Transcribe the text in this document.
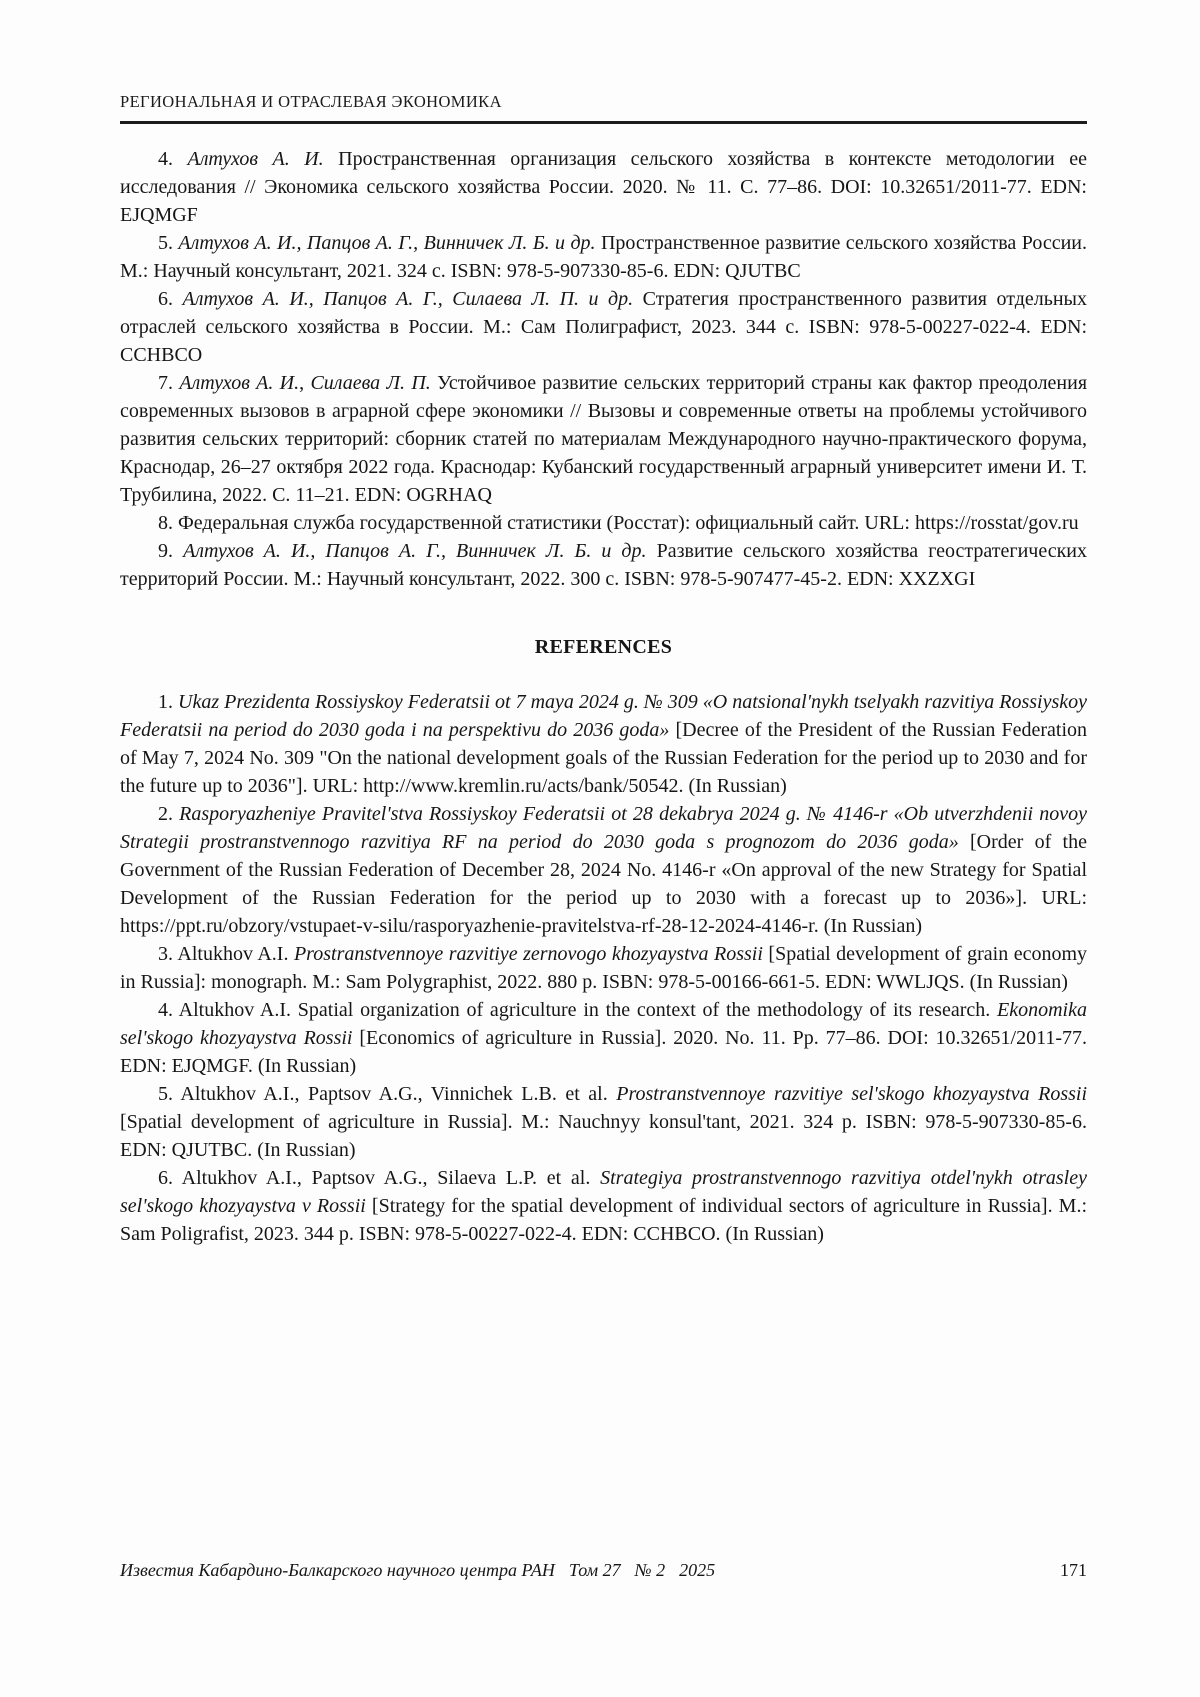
РЕГИОНАЛЬНАЯ И ОТРАСЛЕВАЯ ЭКОНОМИКА

4. Алтухов А. И. Пространственная организация сельского хозяйства в контексте методологии ее исследования // Экономика сельского хозяйства России. 2020. № 11. С. 77–86. DOI: 10.32651/2011-77. EDN: EJQMGF

5. Алтухов А. И., Папцов А. Г., Винничек Л. Б. и др. Пространственное развитие сельского хозяйства России. М.: Научный консультант, 2021. 324 с. ISBN: 978-5-907330-85-6. EDN: QJUTBC

6. Алтухов А. И., Папцов А. Г., Силаева Л. П. и др. Стратегия пространственного развития отдельных отраслей сельского хозяйства в России. М.: Сам Полиграфист, 2023. 344 с. ISBN: 978-5-00227-022-4. EDN: CCHBCO

7. Алтухов А. И., Силаева Л. П. Устойчивое развитие сельских территорий страны как фактор преодоления современных вызовов в аграрной сфере экономики // Вызовы и современные ответы на проблемы устойчивого развития сельских территорий: сборник статей по материалам Международного научно-практического форума, Краснодар, 26–27 октября 2022 года. Краснодар: Кубанский государственный аграрный университет имени И. Т. Трубилина, 2022. С. 11–21. EDN: OGRHAQ

8. Федеральная служба государственной статистики (Росстат): официальный сайт. URL: https://rosstat/gov.ru

9. Алтухов А. И., Папцов А. Г., Винничек Л. Б. и др. Развитие сельского хозяйства геостратегических территорий России. М.: Научный консультант, 2022. 300 с. ISBN: 978-5-907477-45-2. EDN: XXZXGI

REFERENCES

1. Ukaz Prezidenta Rossiyskoy Federatsii ot 7 maya 2024 g. № 309 «O natsional'nykh tselyakh razvitiya Rossiyskoy Federatsii na period do 2030 goda i na perspektivu do 2036 goda» [Decree of the President of the Russian Federation of May 7, 2024 No. 309 "On the national development goals of the Russian Federation for the period up to 2030 and for the future up to 2036"]. URL: http://www.kremlin.ru/acts/bank/50542. (In Russian)

2. Rasporyazheniye Pravitel'stva Rossiyskoy Federatsii ot 28 dekabrya 2024 g. № 4146-r «Ob utverzhdenii novoy Strategii prostranstvennogo razvitiya RF na period do 2030 goda s prognozom do 2036 goda» [Order of the Government of the Russian Federation of December 28, 2024 No. 4146-r «On approval of the new Strategy for Spatial Development of the Russian Federation for the period up to 2030 with a forecast up to 2036»]. URL: https://ppt.ru/obzory/vstupaet-v-silu/rasporyazhenie-pravitelstva-rf-28-12-2024-4146-r. (In Russian)

3. Altukhov A.I. Prostranstvennoye razvitiye zernovogo khozyaystva Rossii [Spatial development of grain economy in Russia]: monograph. M.: Sam Polygraphist, 2022. 880 p. ISBN: 978-5-00166-661-5. EDN: WWLJQS. (In Russian)

4. Altukhov A.I. Spatial organization of agriculture in the context of the methodology of its research. Ekonomika sel'skogo khozyaystva Rossii [Economics of agriculture in Russia]. 2020. No. 11. Pp. 77–86. DOI: 10.32651/2011-77. EDN: EJQMGF. (In Russian)

5. Altukhov A.I., Paptsov A.G., Vinnichek L.B. et al. Prostranstvennoye razvitiye sel'skogo khozyaystva Rossii [Spatial development of agriculture in Russia]. M.: Nauchnyy konsul'tant, 2021. 324 p. ISBN: 978-5-907330-85-6. EDN: QJUTBC. (In Russian)

6. Altukhov A.I., Paptsov A.G., Silaeva L.P. et al. Strategiya prostranstvennogo razvitiya otdel'nykh otrasley sel'skogo khozyaystva v Rossii [Strategy for the spatial development of individual sectors of agriculture in Russia]. M.: Sam Poligrafist, 2023. 344 p. ISBN: 978-5-00227-022-4. EDN: CCHBCO. (In Russian)

Известия Кабардино-Балкарского научного центра РАН Том 27 № 2 2025	171
